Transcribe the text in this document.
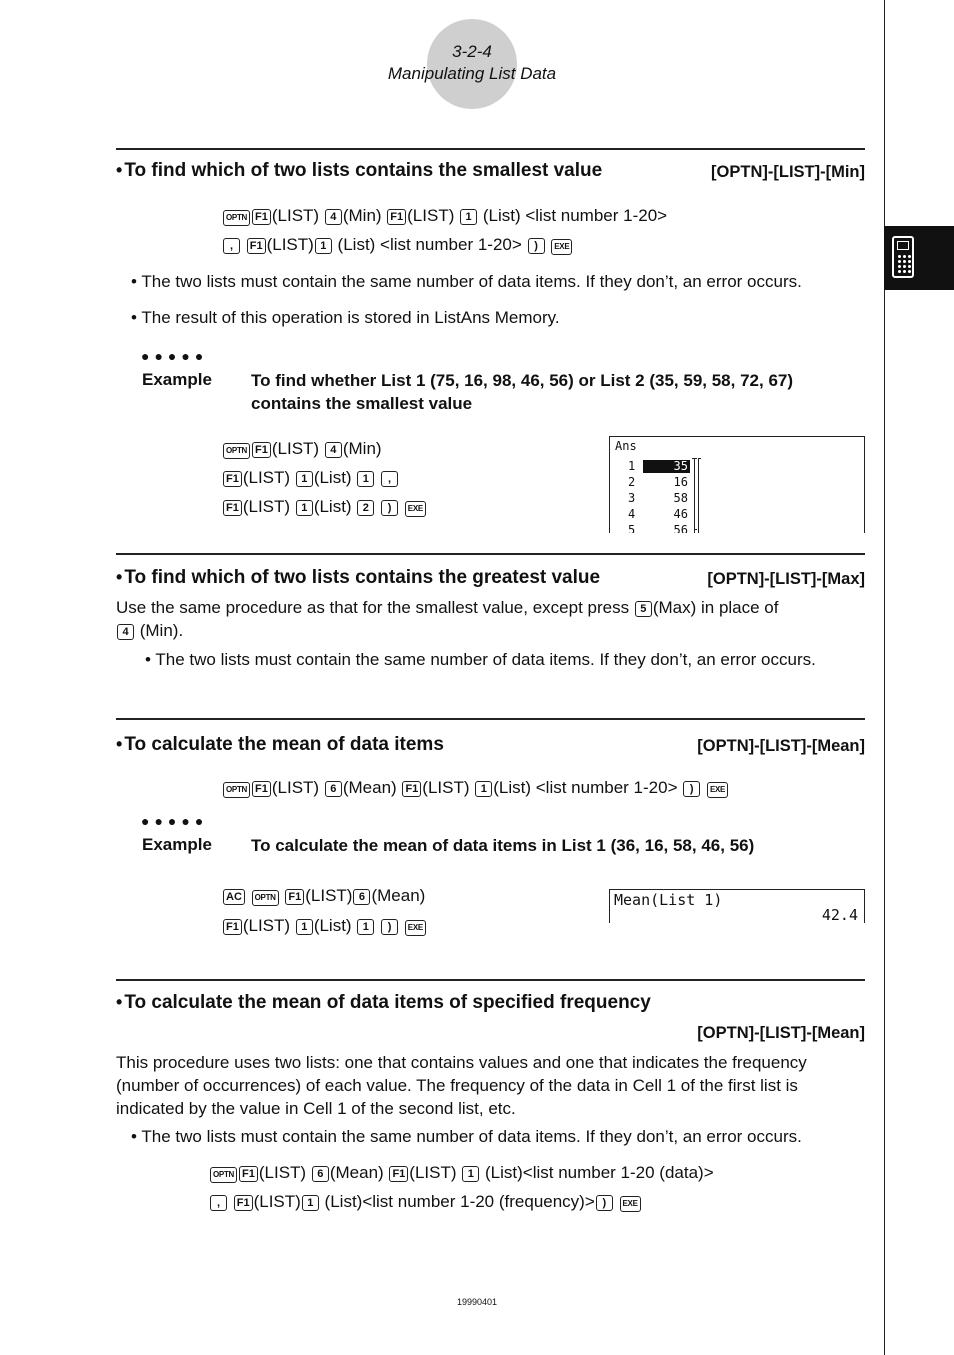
3-2-4
Manipulating List Data
• To find which of two lists contains the smallest value	[OPTN]-[LIST]-[Min]
OPTN F1 (LIST) 4 (Min) F1 (LIST) 1 (List) <list number 1-20>
, F1 (LIST) 1 (List) <list number 1-20> ) EXE
• The two lists must contain the same number of data items. If they don’t, an error occurs.
• The result of this operation is stored in ListAns Memory.
●●●●●
Example To find whether List 1 (75, 16, 98, 46, 56) or List 2 (35, 59, 58, 72, 67) contains the smallest value
OPTN F1 (LIST) 4 (Min)
F1 (LIST) 1 (List) 1 ,
F1 (LIST) 1 (List) 2 ) EXE
Ans
1	35
2	16
3	58
4	46
5	56
• To find which of two lists contains the greatest value	[OPTN]-[LIST]-[Max]
Use the same procedure as that for the smallest value, except press 5 (Max) in place of
4 (Min).
• The two lists must contain the same number of data items. If they don’t, an error occurs.
• To calculate the mean of data items	[OPTN]-[LIST]-[Mean]
OPTN F1 (LIST) 6 (Mean) F1 (LIST) 1 (List) <list number 1-20> ) EXE
●●●●●
Example To calculate the mean of data items in List 1 (36, 16, 58, 46, 56)
AC OPTN F1 (LIST) 6 (Mean)
F1 (LIST) 1 (List) 1 ) EXE
Mean(List 1)
42.4
• To calculate the mean of data items of specified frequency
[OPTN]-[LIST]-[Mean]
This procedure uses two lists: one that contains values and one that indicates the frequency (number of occurrences) of each value. The frequency of the data in Cell 1 of the first list is indicated by the value in Cell 1 of the second list, etc.
• The two lists must contain the same number of data items. If they don’t, an error occurs.
OPTN F1 (LIST) 6 (Mean) F1 (LIST) 1 (List)<list number 1-20 (data)>
, F1 (LIST) 1 (List)<list number 1-20 (frequency)> ) EXE
19990401
